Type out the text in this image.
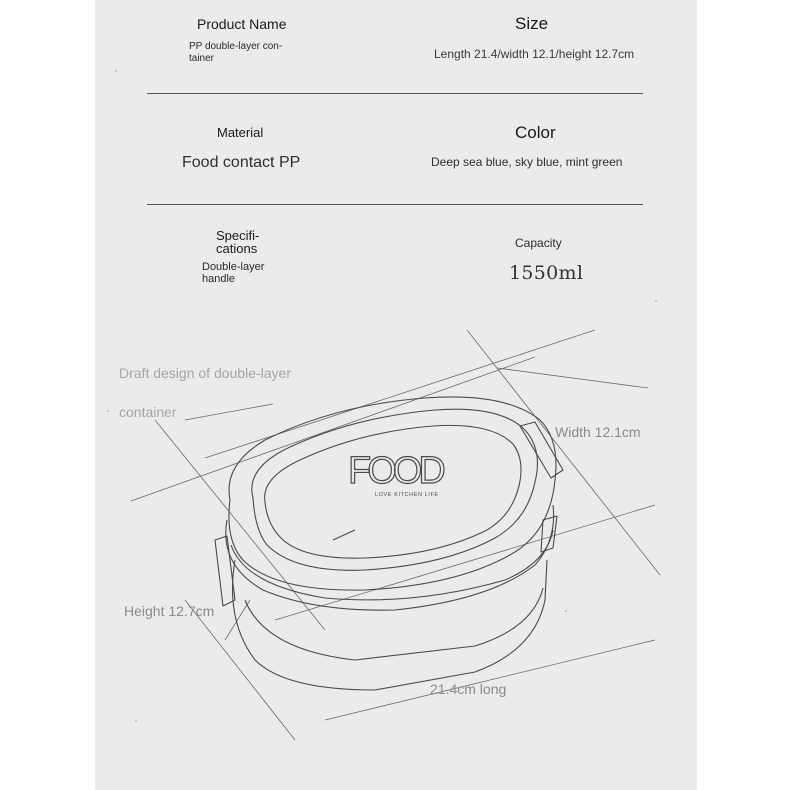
Product Name
PP double-layer con-tainer
Size
Length 21.4/width 12.1/height 12.7cm
Material
Food contact PP
Color
Deep sea blue, sky blue, mint green
Specifi-cations
Double-layer handle
Capacity
1550ml
FOOD
LOVE KITCHEN LIFE
Draft design of double-layer container
Width 12.1cm
Height 12.7cm
21.4cm long
